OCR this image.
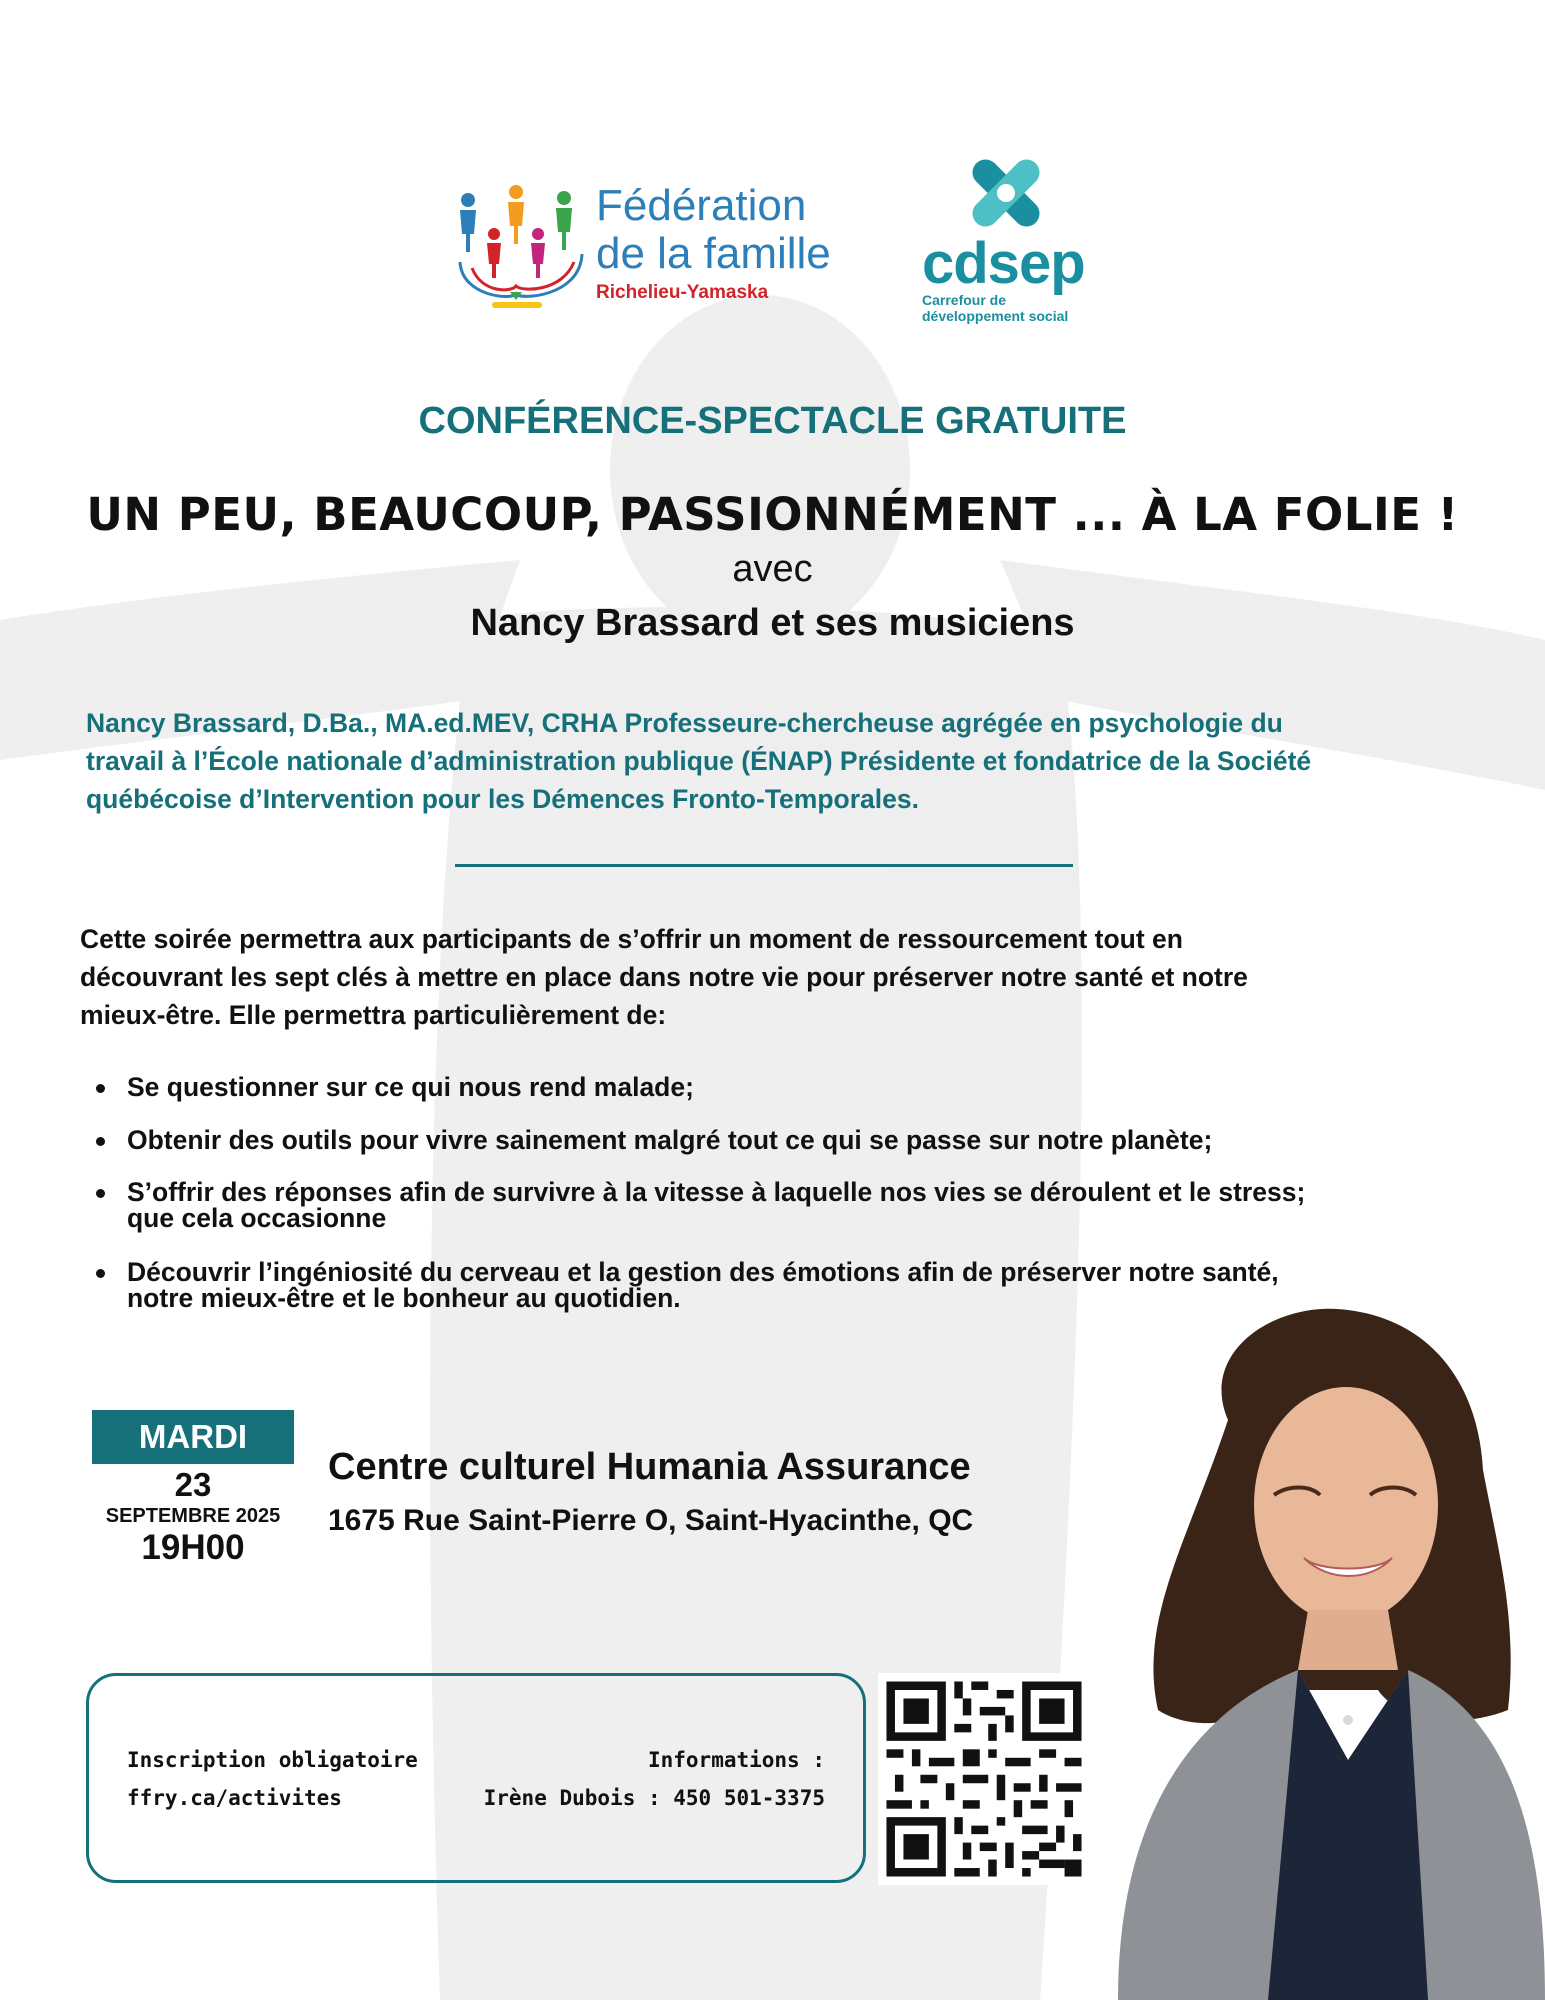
Fédération
de la famille
Richelieu-Yamaska	cdsep
Carrefour de
développement social
CONFÉRENCE-SPECTACLE GRATUITE
UN PEU, BEAUCOUP, PASSIONNÉMENT ... À LA FOLIE !
avec
Nancy Brassard et ses musiciens
Nancy Brassard, D.Ba., MA.ed.MEV, CRHA Professeure-chercheuse agrégée en psychologie du
travail à l’École nationale d’administration publique (ÉNAP) Présidente et fondatrice de la Société
québécoise d’Intervention pour les Démences Fronto-Temporales.
Cette soirée permettra aux participants de s’offrir un moment de ressourcement tout en
découvrant les sept clés à mettre en place dans notre vie pour préserver notre santé et notre
mieux-être. Elle permettra particulièrement de:
Se questionner sur ce qui nous rend malade;
Obtenir des outils pour vivre sainement malgré tout ce qui se passe sur notre planète;
S’offrir des réponses afin de survivre à la vitesse à laquelle nos vies se déroulent et le stress;
que cela occasionne
Découvrir l’ingéniosité du cerveau et la gestion des émotions afin de préserver notre santé,
notre mieux-être et le bonheur au quotidien.
MARDI
23
SEPTEMBRE 2025
19H00
Centre culturel Humania Assurance
1675 Rue Saint-Pierre O, Saint-Hyacinthe, QC
Inscription obligatoire
ffry.ca/activites
Informations :
Irène Dubois : 450 501-3375
